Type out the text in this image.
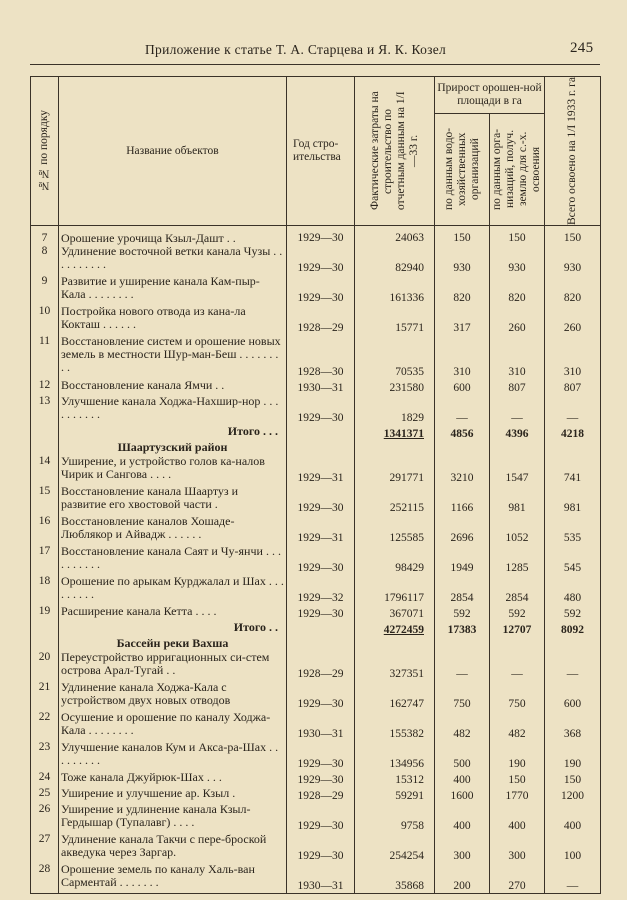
Приложение к статье Т. А. Старцева и Я. К. Козел	245
№№ по порядку	Название объектов	Год стро-ительства	Фактические затраты на строительство по отчетным данным на 1/I—33 г.	Прирост орошен-ной площади в га		Всего освоено на 1/I 1933 г. га

				по данным водо-хозяйственных организаций	по данным орга-низаций, получ. землю для с.-х. освоения	

7	Орошение урочища Кзыл-Дашт . .	1929—30	24063	150	150	150
8	Удлинение восточной ветки канала Чузы . . . . . . . . . .	1929—30	82940	930	930	930
9	Развитие и уширение канала Кам-пыр-Кала . . . . . . . .	1929—30	161336	820	820	820
10	Постройка нового отвода из кана-ла Кокташ . . . . . .	1928—29	15771	317	260	260
11	Восстановление систем и орошение новых земель в местности Шур-ман-Беш . . . . . . . . .	1928—30	70535	310	310	310
12	Восстановление канала Ямчи . .	1930—31	231580	600	807	807
13	Улучшение канала Ходжа-Нахшир-нор . . . . . . . . . .	1929—30	1829	—	—	—
	Итого . . .		1341371	4856	4396	4218
	Шаартузский район					
14	Уширение, и устройство голов ка-налов Чирик и Сангова . . . .	1929—31	291771	3210	1547	741
15	Восстановление канала Шаартуз и развитие его хвостовой части .	1929—30	252115	1166	981	981
16	Восстановление каналов Хошаде-Люблякор и Айвадж . . . . . .	1929—31	125585	2696	1052	535
17	Восстановление канала Саят и Чу-янчи . . . . . . . . . .	1929—30	98429	1949	1285	545
18	Орошение по арыкам Курджалал и Шах . . . . . . . . .	1929—32	1796117	2854	2854	480
19	Расширение канала Кетта . . . .	1929—30	367071	592	592	592
	Итого . .		4272459	17383	12707	8092
	Бассейн реки Вахша					
20	Переустройство ирригационных си-стем острова Арал-Тугай . .	1928—29	327351	—	—	—
21	Удлинение канала Ходжа-Кала с устройством двух новых отводов	1929—30	162747	750	750	600
22	Осушение и орошение по каналу Ходжа-Кала . . . . . . . .	1930—31	155382	482	482	368
23	Улучшение каналов Кум и Акса-ра-Шах . . . . . . . . .	1929—30	134956	500	190	190
24	Тоже канала Джуйрюк-Шах . . .	1929—30	15312	400	150	150
25	Уширение и улучшение ар. Кзыл .	1928—29	59291	1600	1770	1200
26	Уширение и удлинение канала Кзыл-Гердышар (Тупалавг) . . . .	1929—30	9758	400	400	400
27	Удлинение канала Такчи с пере-броской акведука через Заргар.	1929—30	254254	300	300	100
28	Орошение земель по каналу Халь-ван Сарментай . . . . . . .	1930—31	35868	200	270	—
